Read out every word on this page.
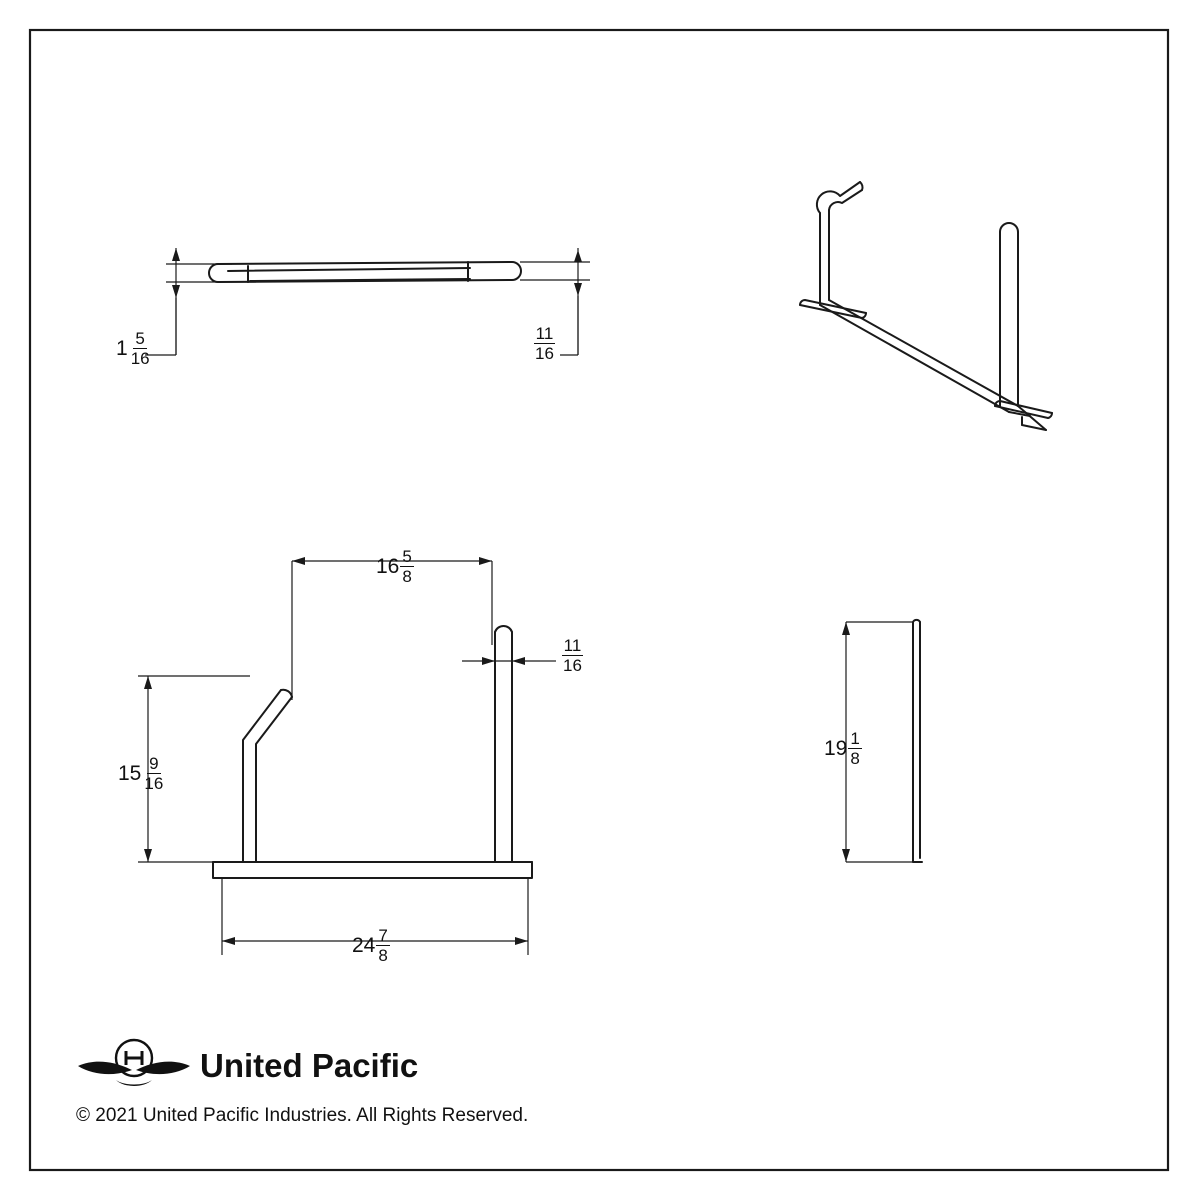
$1 \frac{5}{16}$	$\frac{11}{16}$
$16 \frac{5}{8}$
$\frac{11}{16}$
$15 \frac{9}{16}$
$24 \frac{7}{8}$
$19 \frac{1}{8}$
United Pacific
© 2021 United Pacific Industries. All Rights Reserved.
